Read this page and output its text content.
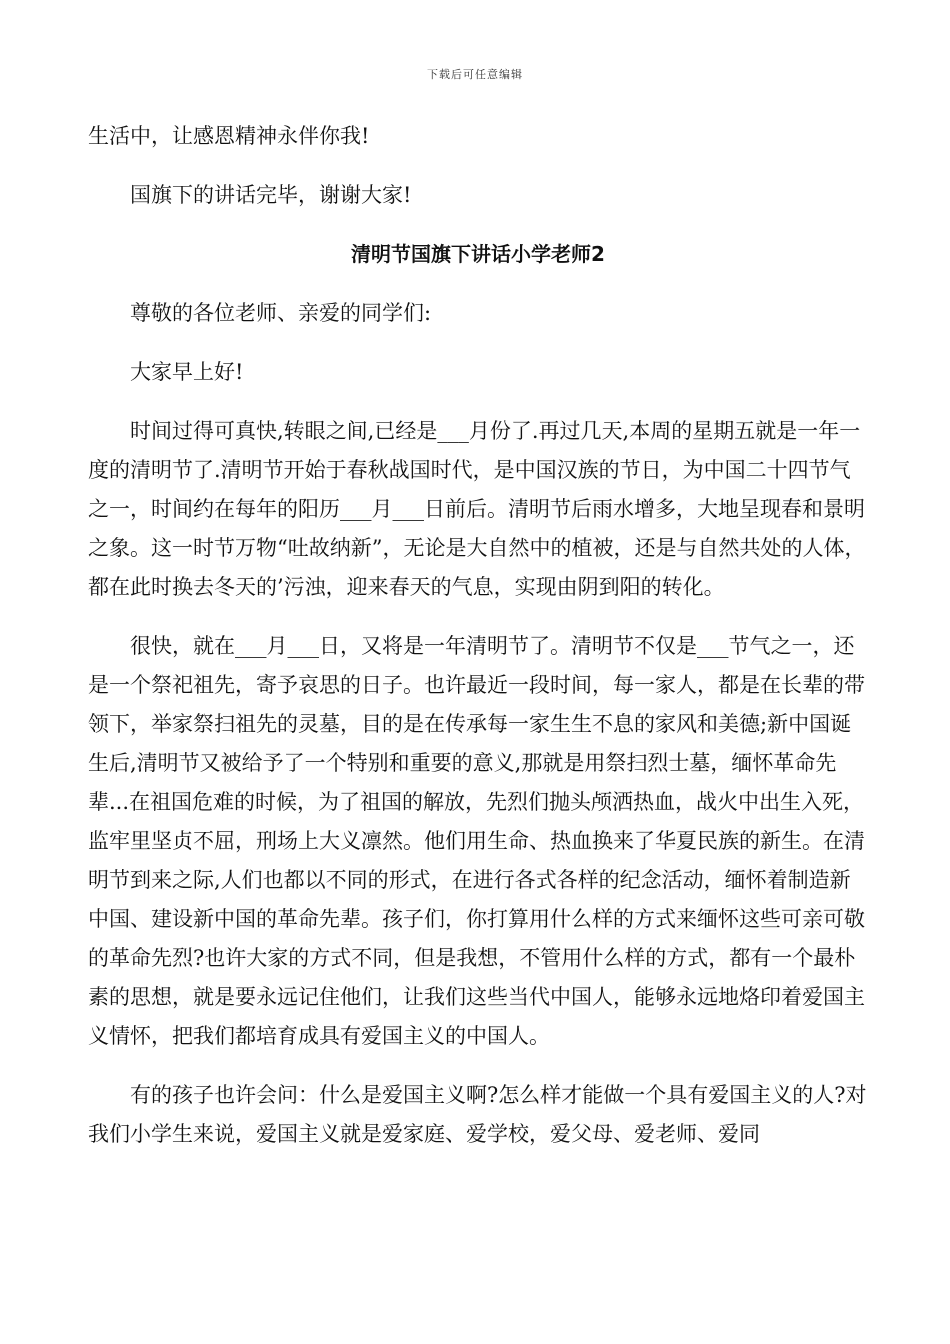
下载后可任意编辑

生活中，让感恩精神永伴你我!

国旗下的讲话完毕，谢谢大家!

清明节国旗下讲话小学老师2

尊敬的各位老师、亲爱的同学们:

大家早上好!

时间过得可真快,转眼之间,已经是___月份了.再过几天,本周的星期五就是一年一度的清明节了.清明节开始于春秋战国时代，是中国汉族的节日，为中国二十四节气之一，时间约在每年的阳历___月___日前后。清明节后雨水增多，大地呈现春和景明之象。这一时节万物“吐故纳新”，无论是大自然中的植被，还是与自然共处的人体，都在此时换去冬天的’污浊，迎来春天的气息，实现由阴到阳的转化。

很快，就在___月___日，又将是一年清明节了。清明节不仅是___节气之一，还是一个祭祀祖先，寄予哀思的日子。也许最近一段时间，每一家人，都是在长辈的带领下，举家祭扫祖先的灵墓，目的是在传承每一家生生不息的家风和美德;新中国诞生后,清明节又被给予了一个特别和重要的意义,那就是用祭扫烈士墓，缅怀革命先辈...在祖国危难的时候，为了祖国的解放，先烈们抛头颅洒热血，战火中出生入死，监牢里坚贞不屈，刑场上大义凛然。他们用生命、热血换来了华夏民族的新生。在清明节到来之际,人们也都以不同的形式，在进行各式各样的纪念活动，缅怀着制造新中国、建设新中国的革命先辈。孩子们，你打算用什么样的方式来缅怀这些可亲可敬的革命先烈?也许大家的方式不同，但是我想，不管用什么样的方式，都有一个最朴素的思想，就是要永远记住他们，让我们这些当代中国人，能够永远地烙印着爱国主义情怀，把我们都培育成具有爱国主义的中国人。

有的孩子也许会问：什么是爱国主义啊?怎么样才能做一个具有爱国主义的人?对我们小学生来说，爱国主义就是爱家庭、爱学校，爱父母、爱老师、爱同
